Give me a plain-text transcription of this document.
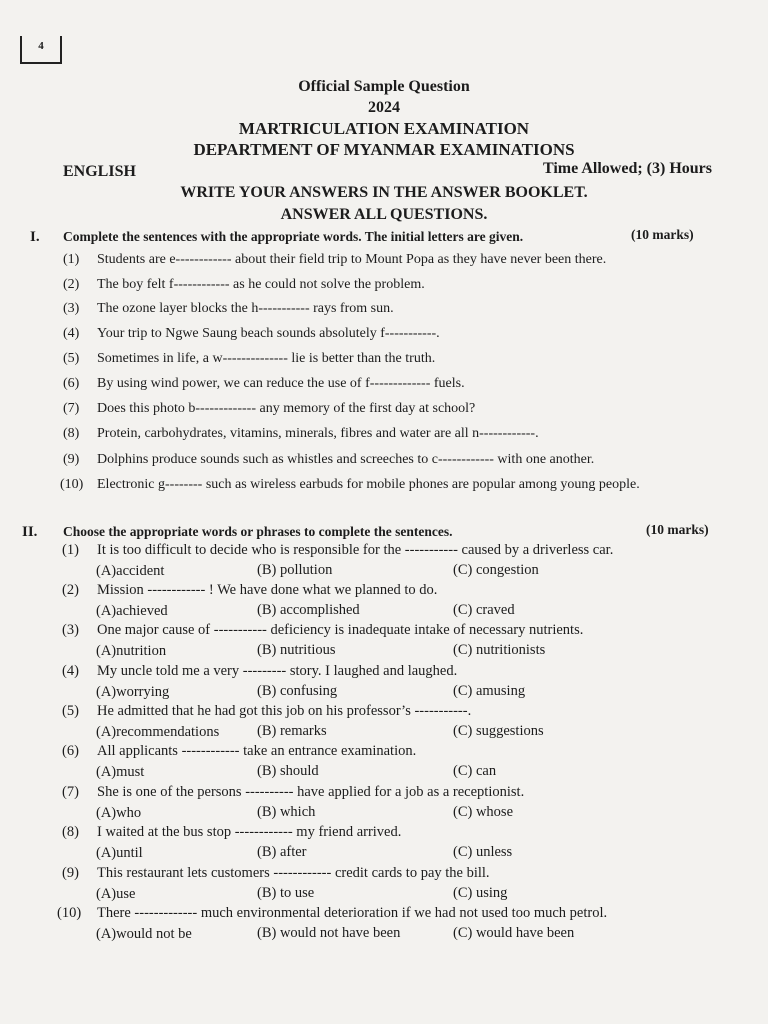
4
Official Sample Question
2024
MARTRICULATION EXAMINATION
DEPARTMENT OF MYANMAR EXAMINATIONS
ENGLISH	Time Allowed; (3) Hours
WRITE YOUR ANSWERS IN THE ANSWER BOOKLET.
ANSWER ALL QUESTIONS.
I. Complete the sentences with the appropriate words. The initial letters are given.	(10 marks)
(1) Students are e------------ about their field trip to Mount Popa as they have never been there.
(2) The boy felt f------------ as he could not solve the problem.
(3) The ozone layer blocks the h----------- rays from sun.
(4) Your trip to Ngwe Saung beach sounds absolutely f-----------.
(5) Sometimes in life, a w-------------- lie is better than the truth.
(6) By using wind power, we can reduce the use of f------------- fuels.
(7) Does this photo b------------- any memory of the first day at school?
(8) Protein, carbohydrates, vitamins, minerals, fibres and water are all n------------.
(9) Dolphins produce sounds such as whistles and screeches to c------------ with one another.
(10) Electronic g-------- such as wireless earbuds for mobile phones are popular among young people.
II. Choose the appropriate words or phrases to complete the sentences.	(10 marks)
(1) It is too difficult to decide who is responsible for the ----------- caused by a driverless car.
(A)accident	(B) pollution	(C) congestion
(2) Mission ------------ ! We have done what we planned to do.
(A)achieved	(B) accomplished	(C) craved
(3) One major cause of ----------- deficiency is inadequate intake of necessary nutrients.
(A)nutrition	(B) nutritious	(C) nutritionists
(4) My uncle told me a very --------- story. I laughed and laughed.
(A)worrying	(B) confusing	(C) amusing
(5) He admitted that he had got this job on his professor’s -----------.
(A)recommendations	(B) remarks	(C) suggestions
(6) All applicants ------------ take an entrance examination.
(A)must	(B) should	(C) can
(7) She is one of the persons ---------- have applied for a job as a receptionist.
(A)who	(B) which	(C) whose
(8) I waited at the bus stop ------------ my friend arrived.
(A)until	(B) after	(C) unless
(9) This restaurant lets customers ------------ credit cards to pay the bill.
(A)use	(B) to use	(C) using
(10) There ------------- much environmental deterioration if we had not used too much petrol.
(A)would not be	(B) would not have been	(C) would have been
